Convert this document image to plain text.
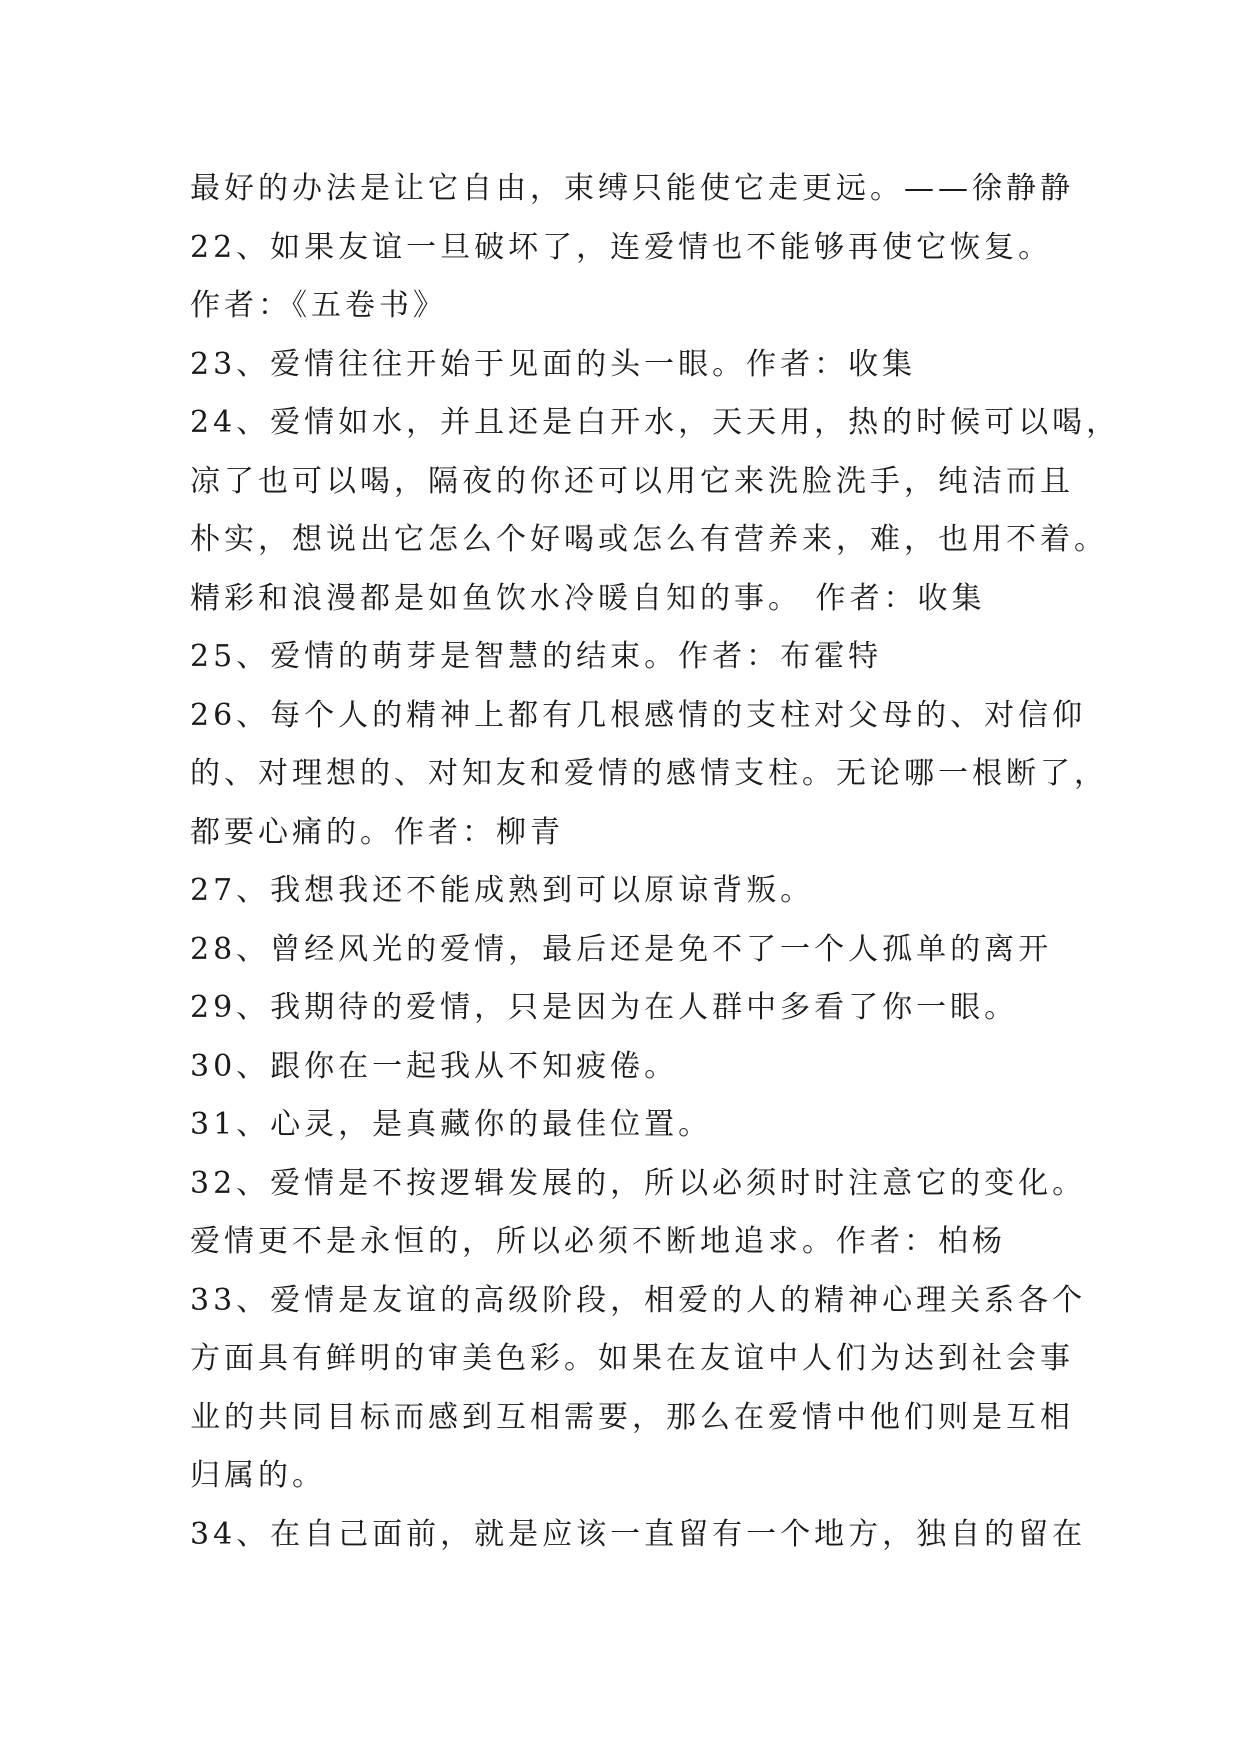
最好的办法是让它自由，束缚只能使它走更远。——徐静静
22、如果友谊一旦破坏了，连爱情也不能够再使它恢复。
作者：《五卷书》
23、爱情往往开始于见面的头一眼。作者：收集
24、爱情如水，并且还是白开水，天天用，热的时候可以喝，
凉了也可以喝，隔夜的你还可以用它来洗脸洗手，纯洁而且
朴实，想说出它怎么个好喝或怎么有营养来，难，也用不着。
精彩和浪漫都是如鱼饮水冷暖自知的事。 作者：收集
25、爱情的萌芽是智慧的结束。作者：布霍特
26、每个人的精神上都有几根感情的支柱对父母的、对信仰
的、对理想的、对知友和爱情的感情支柱。无论哪一根断了，
都要心痛的。作者：柳青
27、我想我还不能成熟到可以原谅背叛。
28、曾经风光的爱情，最后还是免不了一个人孤单的离开
29、我期待的爱情，只是因为在人群中多看了你一眼。
30、跟你在一起我从不知疲倦。
31、心灵，是真藏你的最佳位置。
32、爱情是不按逻辑发展的，所以必须时时注意它的变化。
爱情更不是永恒的，所以必须不断地追求。作者：柏杨
33、爱情是友谊的高级阶段，相爱的人的精神心理关系各个
方面具有鲜明的审美色彩。如果在友谊中人们为达到社会事
业的共同目标而感到互相需要，那么在爱情中他们则是互相
归属的。
34、在自己面前，就是应该一直留有一个地方，独自的留在
